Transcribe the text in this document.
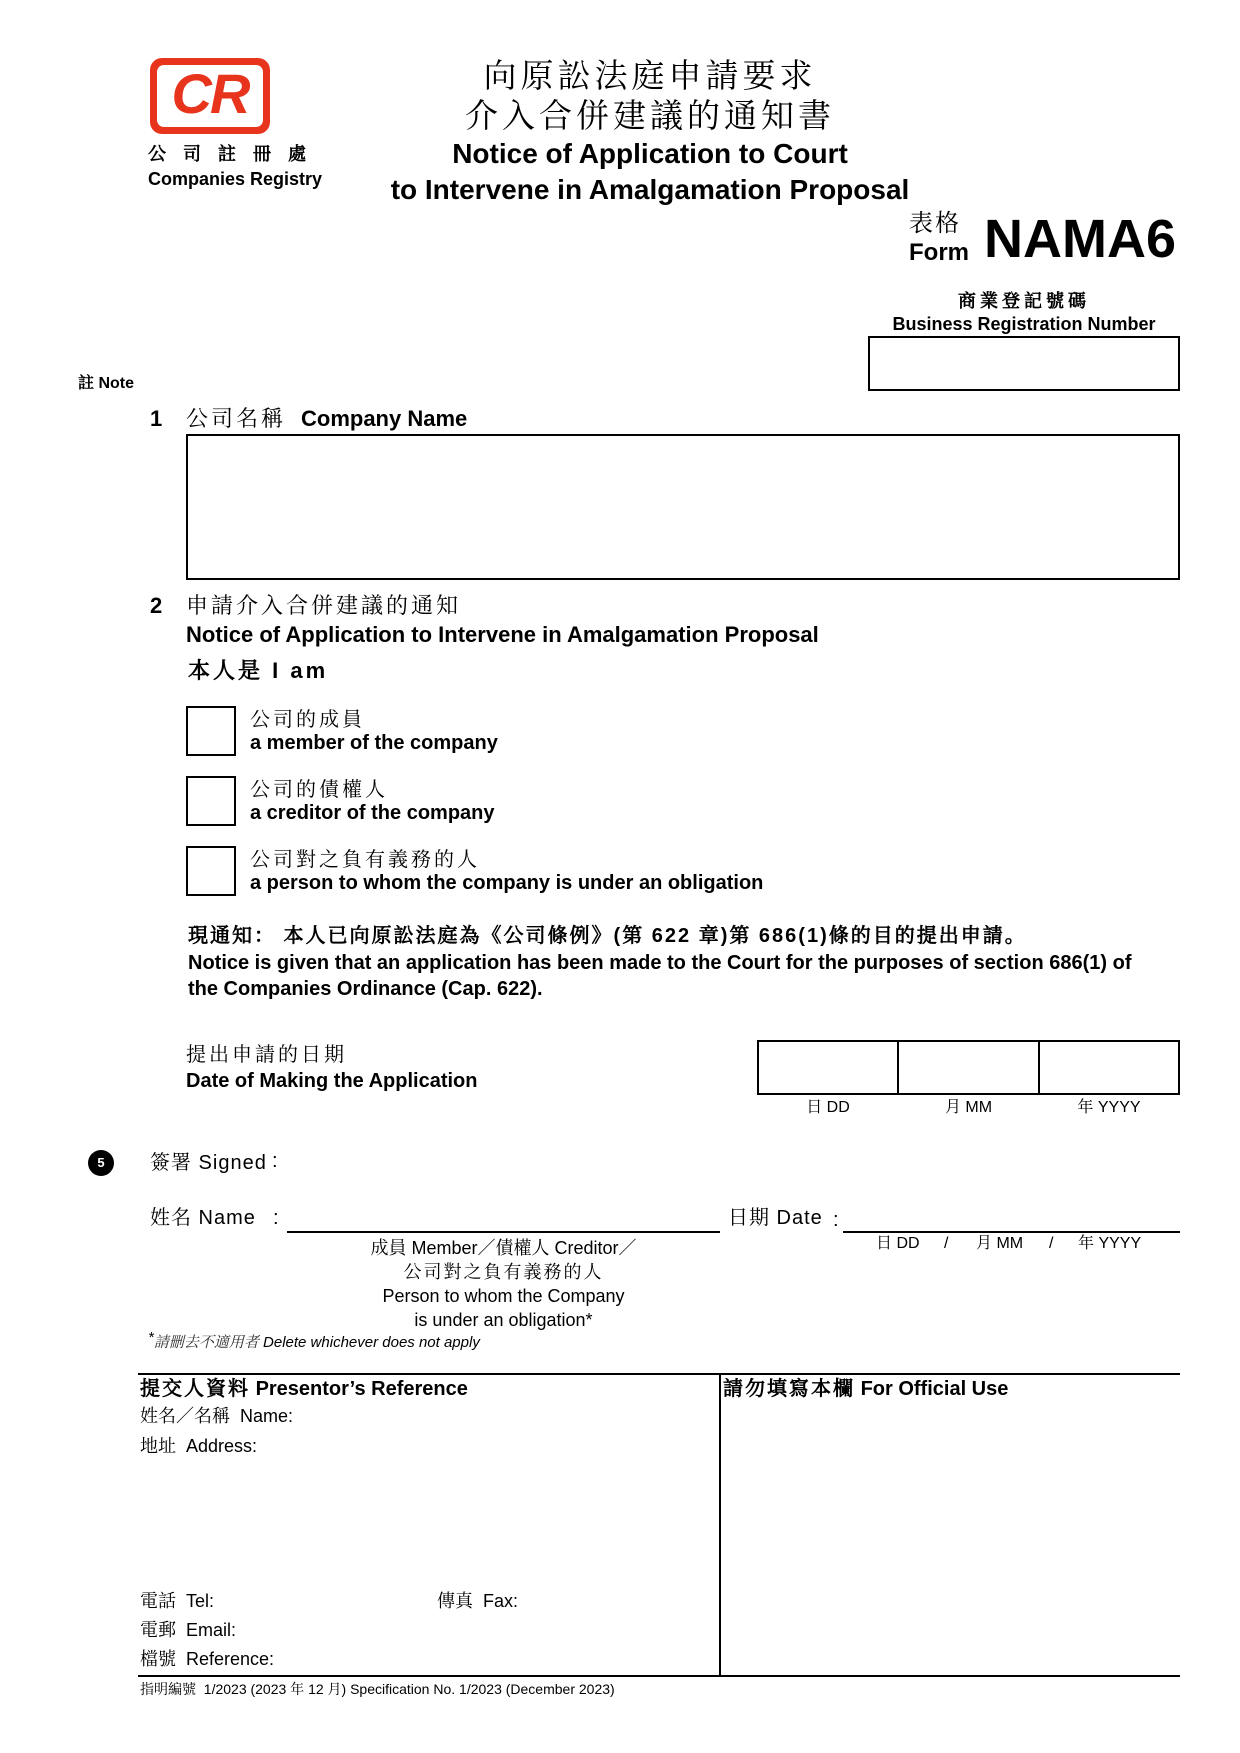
CR
公 司 註 冊 處
Companies Registry
向原訟法庭申請要求
介入合併建議的通知書
Notice of Application to Court
to Intervene in Amalgamation Proposal
表格
Form NAMA6
商業登記號碼
Business Registration Number
註 Note
1 公司名稱 Company Name
2 申請介入合併建議的通知
Notice of Application to Intervene in Amalgamation Proposal
本人是 I am
公司的成員
a member of the company
公司的債權人
a creditor of the company
公司對之負有義務的人
a person to whom the company is under an obligation
現通知： 本人已向原訟法庭為《公司條例》(第 622 章)第 686(1)條的目的提出申請。
Notice is given that an application has been made to the Court for the purposes of section 686(1) of
the Companies Ordinance (Cap. 622).
提出申請的日期
Date of Making the Application
日 DD	月 MM	年 YYYY
5	簽署 Signed :
姓名 Name :
成員 Member／債權人 Creditor／
公司對之負有義務的人
Person to whom the Company
is under an obligation*
日期 Date :
日 DD / 月 MM / 年 YYYY
*請刪去不適用者 Delete whichever does not apply
提交人資料 Presentor’s Reference
姓名／名稱  Name:
地址  Address:
電話  Tel:	傳真  Fax:
電郵  Email:
檔號  Reference:
請勿填寫本欄 For Official Use
指明編號  1/2023 (2023 年 12 月) Specification No. 1/2023 (December 2023)
